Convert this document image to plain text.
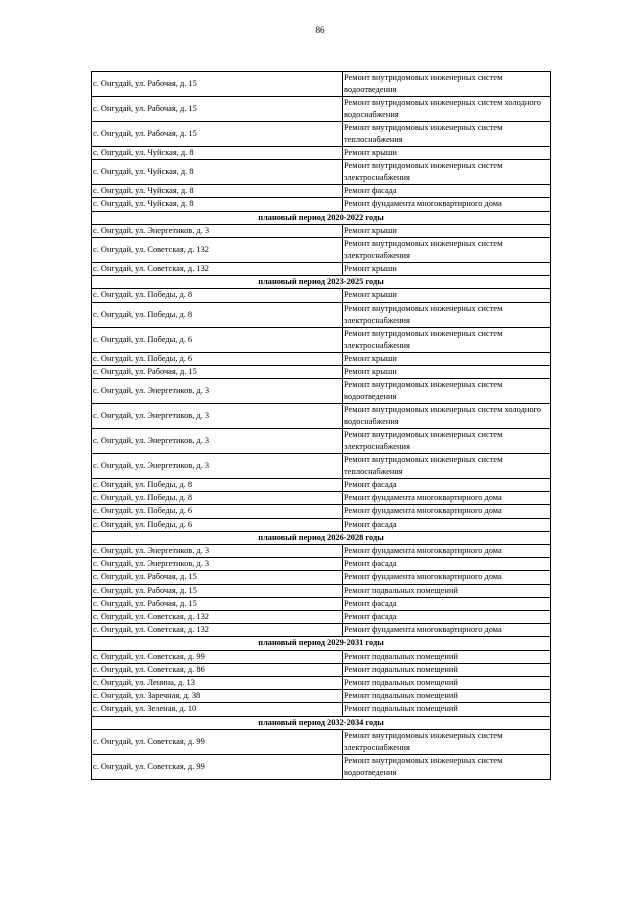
86
с. Онгудай, ул. Рабочая, д. 15	Ремонт внутридомовых инженерных систем водоотведения
с. Онгудай, ул. Рабочая, д. 15	Ремонт внутридомовых инженерных систем холодного водоснабжения
с. Онгудай, ул. Рабочая, д. 15	Ремонт внутридомовых инженерных систем теплоснабжения
с. Онгудай, ул. Чуйская, д. 8	Ремонт крыши
с. Онгудай, ул. Чуйская, д. 8	Ремонт внутридомовых инженерных систем электроснабжения
с. Онгудай, ул. Чуйская, д. 8	Ремонт фасада
с. Онгудай, ул. Чуйская, д. 8	Ремонт фундамента многоквартирного дома
плановый период 2020-2022 годы	
с. Онгудай, ул. Энергетиков, д. 3	Ремонт крыши
с. Онгудай, ул. Советская, д. 132	Ремонт внутридомовых инженерных систем электроснабжения
с. Онгудай, ул. Советская, д. 132	Ремонт крыши
плановый период 2023-2025 годы	
с. Онгудай, ул. Победы, д. 8	Ремонт крыши
с. Онгудай, ул. Победы, д. 8	Ремонт внутридомовых инженерных систем электроснабжения
с. Онгудай, ул. Победы, д. 6	Ремонт внутридомовых инженерных систем электроснабжения
с. Онгудай, ул. Победы, д. 6	Ремонт крыши
с. Онгудай, ул. Рабочая, д. 15	Ремонт крыши
с. Онгудай, ул. Энергетиков, д. 3	Ремонт внутридомовых инженерных систем водоотведения
с. Онгудай, ул. Энергетиков, д. 3	Ремонт внутридомовых инженерных систем холодного водоснабжения
с. Онгудай, ул. Энергетиков, д. 3	Ремонт внутридомовых инженерных систем электроснабжения
с. Онгудай, ул. Энергетиков, д. 3	Ремонт внутридомовых инженерных систем теплоснабжения
с. Онгудай, ул. Победы, д. 8	Ремонт фасада
с. Онгудай, ул. Победы, д. 8	Ремонт фундамента многоквартирного дома
с. Онгудай, ул. Победы, д. 6	Ремонт фундамента многоквартирного дома
с. Онгудай, ул. Победы, д. 6	Ремонт фасада
плановый период 2026-2028 годы	
с. Онгудай, ул. Энергетиков, д. 3	Ремонт фундамента многоквартирного дома
с. Онгудай, ул. Энергетиков, д. 3	Ремонт фасада
с. Онгудай, ул. Рабочая, д. 15	Ремонт фундамента многоквартирного дома
с. Онгудай, ул. Рабочая, д. 15	Ремонт подвальных помещений
с. Онгудай, ул. Рабочая, д. 15	Ремонт фасада
с. Онгудай, ул. Советская, д. 132	Ремонт фасада
с. Онгудай, ул. Советская, д. 132	Ремонт фундамента многоквартирного дома
плановый период 2029-2031 годы	
с. Онгудай, ул. Советская, д. 99	Ремонт подвальных помещений
с. Онгудай, ул. Советская, д. 86	Ремонт подвальных помещений
с. Онгудай, ул. Ленина, д. 13	Ремонт подвальных помещений
с. Онгудай, ул. Заречная, д. 38	Ремонт подвальных помещений
с. Онгудай, ул. Зеленая, д. 10	Ремонт подвальных помещений
плановый период 2032-2034 годы	
с. Онгудай, ул. Советская, д. 99	Ремонт внутридомовых инженерных систем электроснабжения
с. Онгудай, ул. Советская, д. 99	Ремонт внутридомовых инженерных систем водоотведения
